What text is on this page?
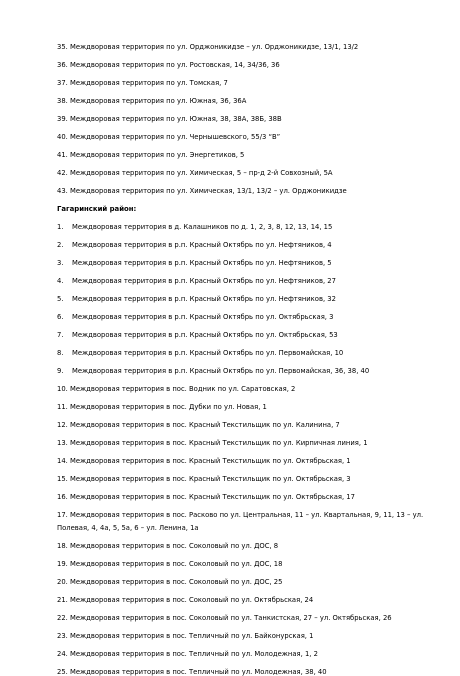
35. Междворовая территория по ул. Орджоникидзе – ул. Орджоникидзе, 13/1, 13/2
36. Междворовая территория по ул. Ростовская, 14, 34/36, 36
37. Междворовая территория по ул. Томская, 7
38. Междворовая территория по ул. Южная, 36, 36А
39. Междворовая территория по ул. Южная, 38, 38А, 38Б, 38В
40. Междворовая территория по ул. Чернышевского, 55/3 “В”
41. Междворовая территория по ул. Энергетиков, 5
42. Междворовая территория по ул. Химическая, 5 – пр-д 2-й Совхозный, 5А
43. Междворовая территория по ул. Химическая, 13/1, 13/2 – ул. Орджоникидзе
Гагаринский район:
1.	Междворовая территория в д. Калашников по д. 1, 2, 3, 8, 12, 13, 14, 15
2.	Междворовая территория в р.п. Красный Октябрь по ул. Нефтяников, 4
3.	Междворовая территория в р.п. Красный Октябрь по ул. Нефтяников, 5
4.	Междворовая территория в р.п. Красный Октябрь по ул. Нефтяников, 27
5.	Междворовая территория в р.п. Красный Октябрь по ул. Нефтяников, 32
6.	Междворовая территория в р.п. Красный Октябрь по ул. Октябрьская, 3
7.	Междворовая территория в р.п. Красный Октябрь по ул. Октябрьская, 53
8.	Междворовая территория в р.п. Красный Октябрь по ул. Первомайская, 10
9.	Междворовая территория в р.п. Красный Октябрь по ул. Первомайская, 36, 38, 40
10. Междворовая территория в пос. Водник по ул. Саратовская, 2
11. Междворовая территория в пос. Дубки по ул. Новая, 1
12. Междворовая территория в пос. Красный Текстильщик по ул. Калинина, 7
13. Междворовая территория в пос. Красный Текстильщик по ул. Кирпичная линия, 1
14. Междворовая территория в пос. Красный Текстильщик по ул. Октябрьская, 1
15. Междворовая территория в пос. Красный Текстильщик по ул. Октябрьская, 3
16. Междворовая территория в пос. Красный Текстильщик по ул. Октябрьская, 17
17. Междворовая территория в пос. Расково по ул. Центральная, 11 – ул. Квартальная, 9, 11, 13 – ул.
Полевая, 4, 4а, 5, 5а, 6 – ул. Ленина, 1а
18. Междворовая территория в пос. Соколовый по ул. ДОС, 8
19. Междворовая территория в пос. Соколовый по ул. ДОС, 18
20. Междворовая территория в пос. Соколовый по ул. ДОС, 25
21. Междворовая территория в пос. Соколовый по ул. Октябрьская, 24
22. Междворовая территория в пос. Соколовый по ул. Танкистская, 27 – ул. Октябрьская, 26
23. Междворовая территория в пос. Тепличный по ул. Байконурская, 1
24. Междворовая территория в пос. Тепличный по ул. Молодежная, 1, 2
25. Междворовая территория в пос. Тепличный по ул. Молодежная, 38, 40
